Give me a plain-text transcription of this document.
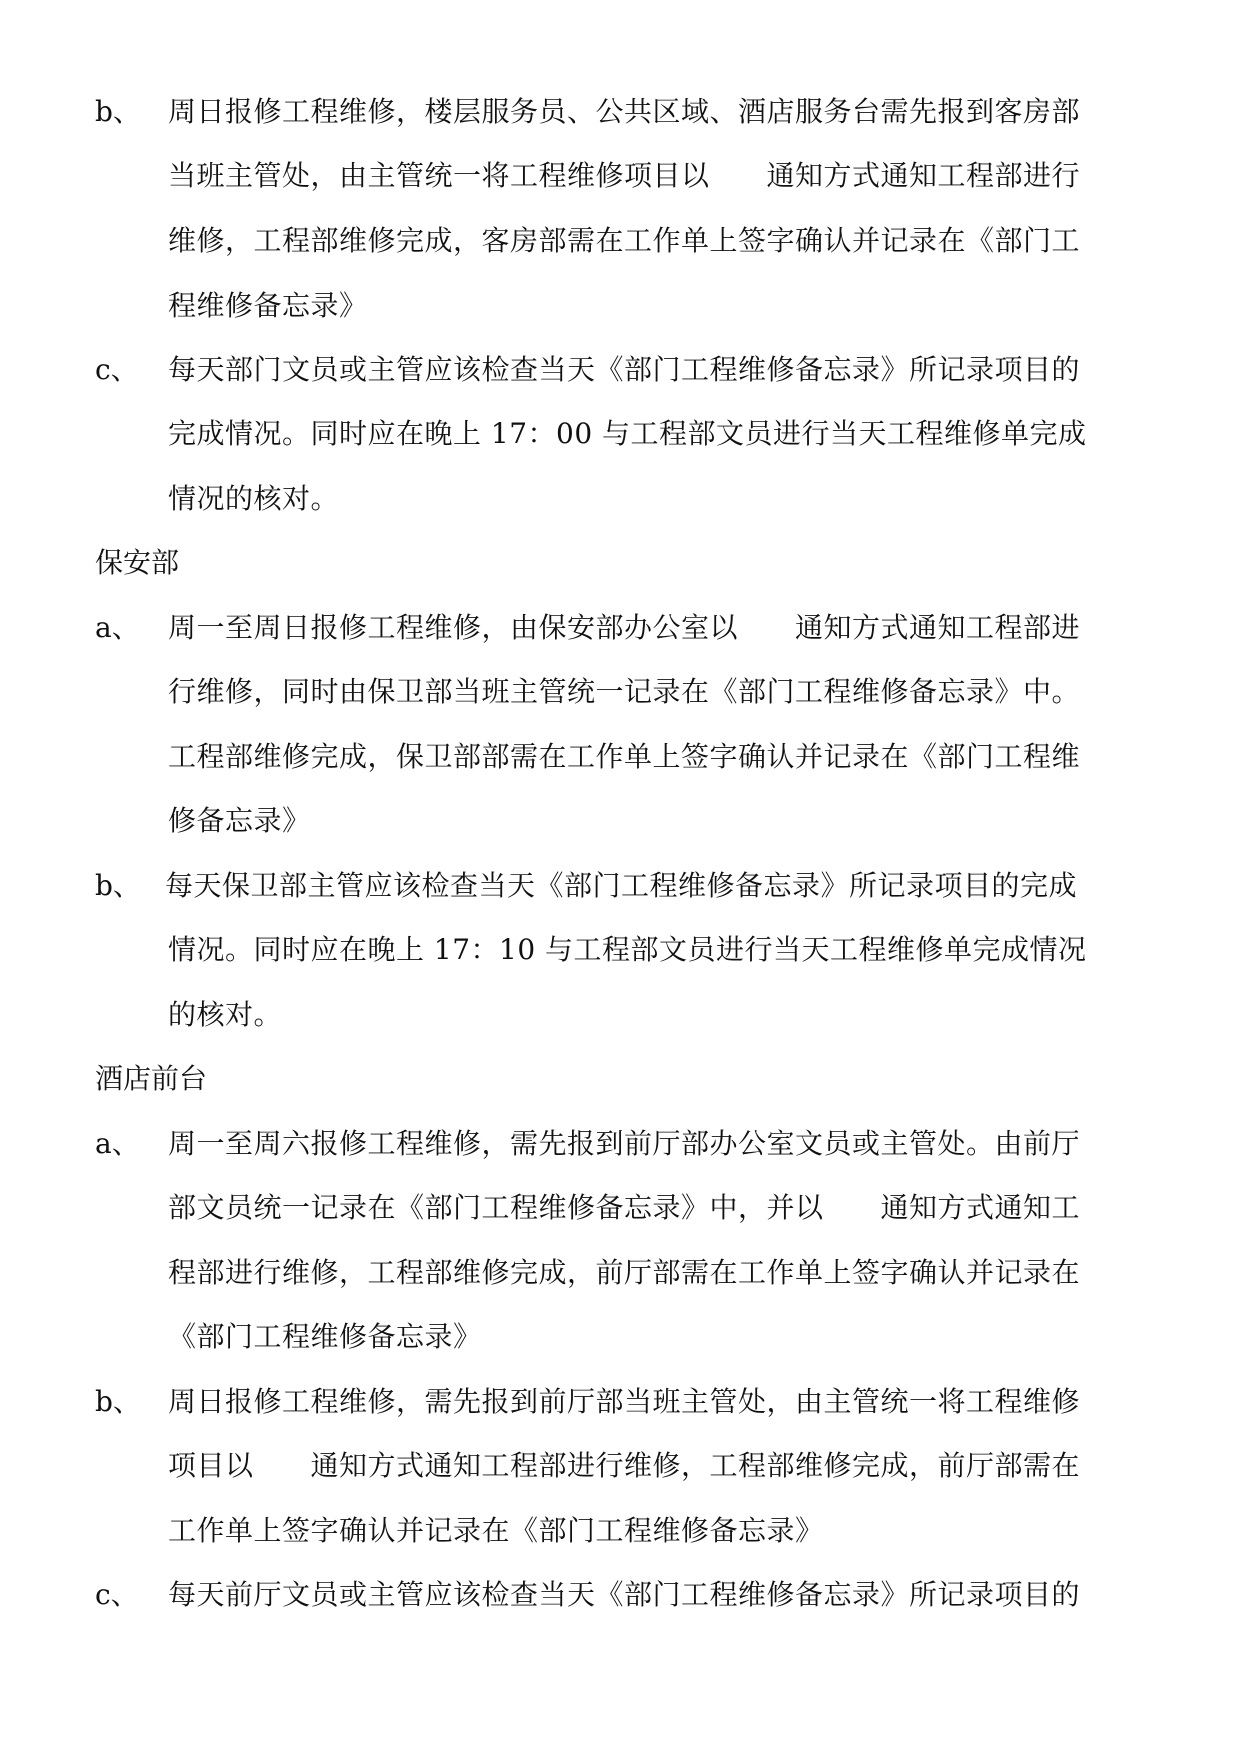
b、 周日报修工程维修，楼层服务员、公共区域、酒店服务台需先报到客房部
当班主管处，由主管统一将工程维修项目以　　通知方式通知工程部进行
维修，工程部维修完成，客房部需在工作单上签字确认并记录在《部门工
程维修备忘录》
c、 每天部门文员或主管应该检查当天《部门工程维修备忘录》所记录项目的
完成情况。同时应在晚上 17：00 与工程部文员进行当天工程维修单完成
情况的核对。
保安部
a、 周一至周日报修工程维修，由保安部办公室以　　通知方式通知工程部进
行维修，同时由保卫部当班主管统一记录在《部门工程维修备忘录》中。
工程部维修完成，保卫部部需在工作单上签字确认并记录在《部门工程维
修备忘录》
b、 每天保卫部主管应该检查当天《部门工程维修备忘录》所记录项目的完成
情况。同时应在晚上 17：10 与工程部文员进行当天工程维修单完成情况
的核对。
酒店前台
a、 周一至周六报修工程维修，需先报到前厅部办公室文员或主管处。由前厅
部文员统一记录在《部门工程维修备忘录》中，并以　　通知方式通知工
程部进行维修，工程部维修完成，前厅部需在工作单上签字确认并记录在
《部门工程维修备忘录》
b、 周日报修工程维修，需先报到前厅部当班主管处，由主管统一将工程维修
项目以　　通知方式通知工程部进行维修，工程部维修完成，前厅部需在
工作单上签字确认并记录在《部门工程维修备忘录》
c、 每天前厅文员或主管应该检查当天《部门工程维修备忘录》所记录项目的
